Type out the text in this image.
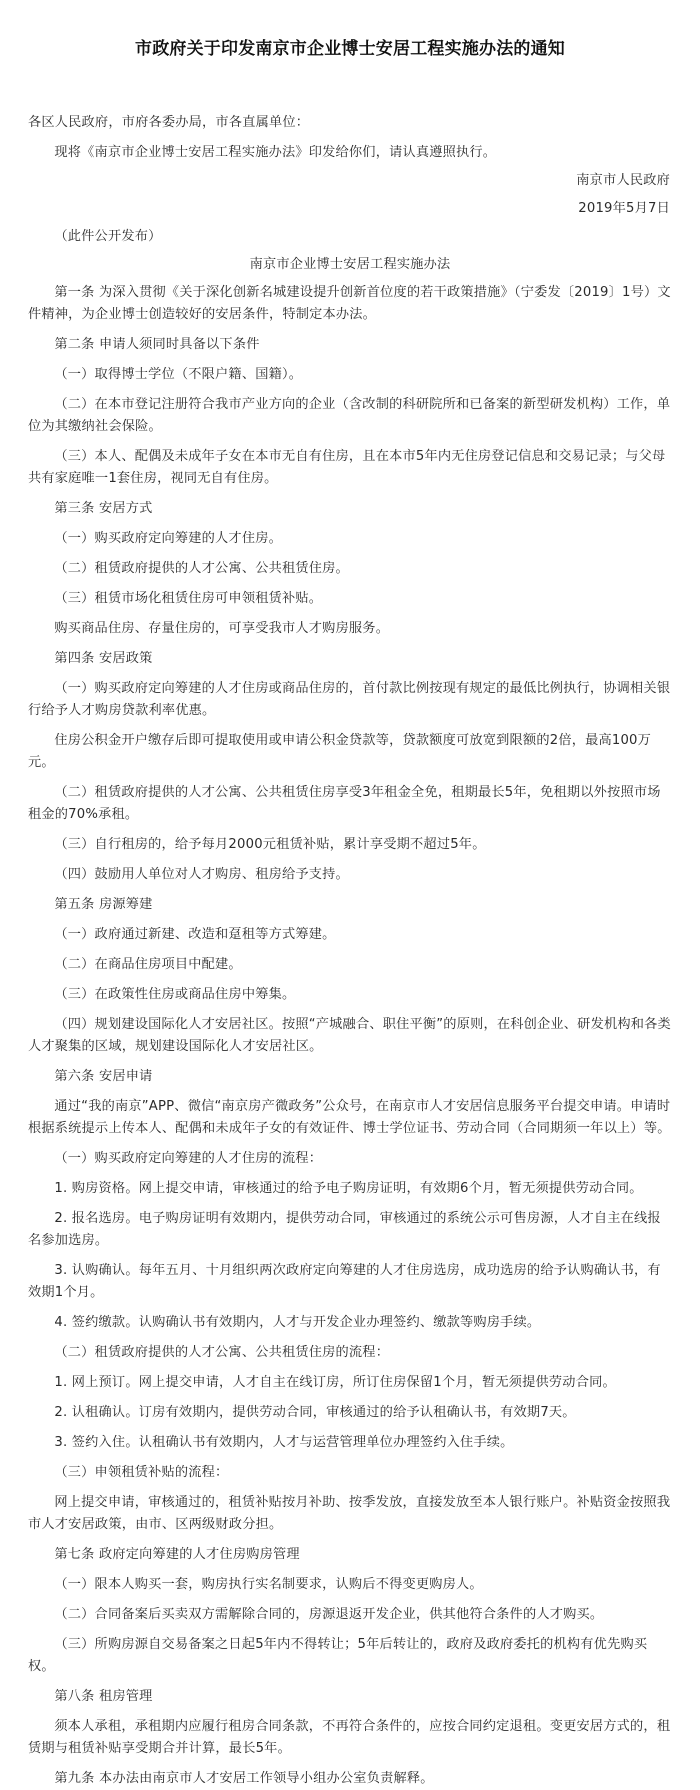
市政府关于印发南京市企业博士安居工程实施办法的通知

各区人民政府，市府各委办局，市各直属单位：

现将《南京市企业博士安居工程实施办法》印发给你们，请认真遵照执行。

南京市人民政府

2019年5月7日

（此件公开发布）

南京市企业博士安居工程实施办法

第一条 为深入贯彻《关于深化创新名城建设提升创新首位度的若干政策措施》（宁委发〔2019〕1号）文件精神，为企业博士创造较好的安居条件，特制定本办法。

第二条 申请人须同时具备以下条件

（一）取得博士学位（不限户籍、国籍）。

（二）在本市登记注册符合我市产业方向的企业（含改制的科研院所和已备案的新型研发机构）工作，单位为其缴纳社会保险。

（三）本人、配偶及未成年子女在本市无自有住房，且在本市5年内无住房登记信息和交易记录；与父母共有家庭唯一1套住房，视同无自有住房。

第三条 安居方式

（一）购买政府定向筹建的人才住房。

（二）租赁政府提供的人才公寓、公共租赁住房。

（三）租赁市场化租赁住房可申领租赁补贴。

购买商品住房、存量住房的，可享受我市人才购房服务。

第四条 安居政策

（一）购买政府定向筹建的人才住房或商品住房的，首付款比例按现有规定的最低比例执行，协调相关银行给予人才购房贷款利率优惠。

住房公积金开户缴存后即可提取使用或申请公积金贷款等，贷款额度可放宽到限额的2倍，最高100万元。

（二）租赁政府提供的人才公寓、公共租赁住房享受3年租金全免，租期最长5年，免租期以外按照市场租金的70%承租。

（三）自行租房的，给予每月2000元租赁补贴，累计享受期不超过5年。

（四）鼓励用人单位对人才购房、租房给予支持。

第五条 房源筹建

（一）政府通过新建、改造和趸租等方式筹建。

（二）在商品住房项目中配建。

（三）在政策性住房或商品住房中筹集。

（四）规划建设国际化人才安居社区。按照“产城融合、职住平衡”的原则，在科创企业、研发机构和各类人才聚集的区域，规划建设国际化人才安居社区。

第六条 安居申请

通过“我的南京”APP、微信“南京房产微政务”公众号，在南京市人才安居信息服务平台提交申请。申请时根据系统提示上传本人、配偶和未成年子女的有效证件、博士学位证书、劳动合同（合同期须一年以上）等。

（一）购买政府定向筹建的人才住房的流程：

1. 购房资格。网上提交申请，审核通过的给予电子购房证明，有效期6个月，暂无须提供劳动合同。

2. 报名选房。电子购房证明有效期内，提供劳动合同，审核通过的系统公示可售房源，人才自主在线报名参加选房。

3. 认购确认。每年五月、十月组织两次政府定向筹建的人才住房选房，成功选房的给予认购确认书，有效期1个月。

4. 签约缴款。认购确认书有效期内，人才与开发企业办理签约、缴款等购房手续。

（二）租赁政府提供的人才公寓、公共租赁住房的流程：

1. 网上预订。网上提交申请，人才自主在线订房，所订住房保留1个月，暂无须提供劳动合同。

2. 认租确认。订房有效期内，提供劳动合同，审核通过的给予认租确认书，有效期7天。

3. 签约入住。认租确认书有效期内，人才与运营管理单位办理签约入住手续。

（三）申领租赁补贴的流程：

网上提交申请，审核通过的，租赁补贴按月补助、按季发放，直接发放至本人银行账户。补贴资金按照我市人才安居政策，由市、区两级财政分担。

第七条 政府定向筹建的人才住房购房管理

（一）限本人购买一套，购房执行实名制要求，认购后不得变更购房人。

（二）合同备案后买卖双方需解除合同的，房源退返开发企业，供其他符合条件的人才购买。

（三）所购房源自交易备案之日起5年内不得转让；5年后转让的，政府及政府委托的机构有优先购买权。

第八条 租房管理

须本人承租，承租期内应履行租房合同条款，不再符合条件的，应按合同约定退租。变更安居方式的，租赁期与租赁补贴享受期合并计算，最长5年。

第九条 本办法由南京市人才安居工作领导小组办公室负责解释。
